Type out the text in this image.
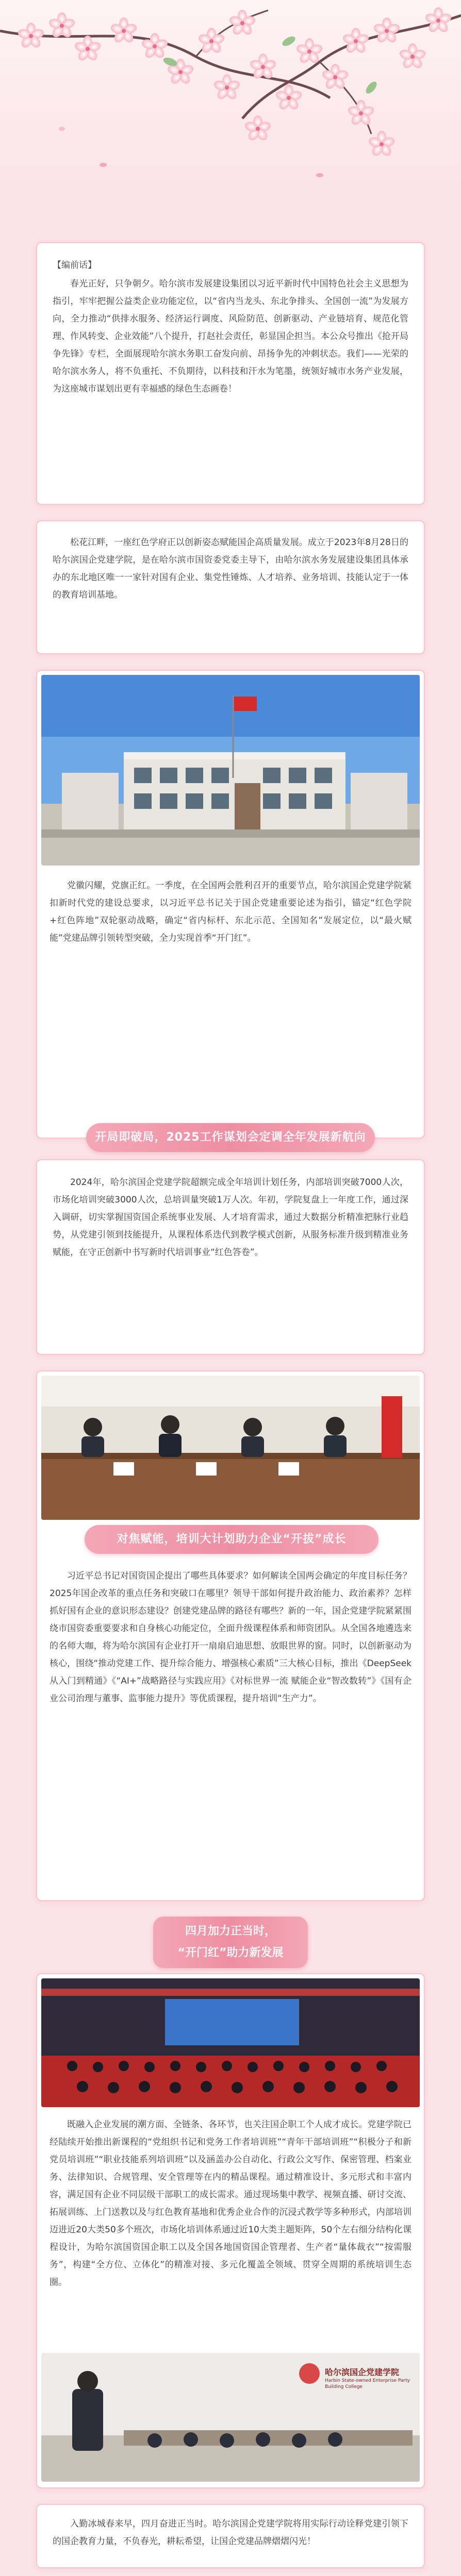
【编前话】

春光正好，只争朝夕。哈尔滨市发展建设集团以习近平新时代中国特色社会主义思想为指引，牢牢把握公益类企业功能定位，以“省内当龙头、东北争排头、全国创一流”为发展方向，全力推动“供排水服务、经济运行调度、风险防范、创新驱动、产业链培育、规范化管理、作风转变、企业效能”八个提升，打赵社会责任，彰显国企担当。本公众号推出《抢开局 争先锋》专栏，全面展现哈尔滨水务职工奋发向前、昂扬争先的冲刺状态。我们——光荣的哈尔滨水务人，将不负重托、不负期待，以科技和汗水为笔墨，统领好城市水务产业发展，为这座城市谋划出更有幸福感的绿色生态画卷！

松花江畔，一座红色学府正以创新姿态赋能国企高质量发展。成立于2023年8月28日的哈尔滨国企党建学院，是在哈尔滨市国资委党委主导下，由哈尔滨水务发展建设集团具体承办的东北地区唯一一家针对国有企业、集党性锤炼、人才培养、业务培训、技能认定于一体的教育培训基地。

党徽闪耀，党旗正红。一季度，在全国两会胜利召开的重要节点，哈尔滨国企党建学院紧扣新时代党的建设总要求，以习近平总书记关于国企党建重要论述为指引，锚定“红色学院+红色阵地”双轮驱动战略，确定“省内标杆、东北示范、全国知名”发展定位，以“最火赋能”党建品牌引领转型突破，全力实现首季“开门红”。

开局即破局，2025工作谋划会定调全年发展新航向

2024年，哈尔滨国企党建学院超额完成全年培训计划任务，内部培训突破7000人次，市场化培训突破3000人次，总培训量突破1万人次。年初，学院复盘上一年度工作，通过深入调研，切实掌握国资国企系统事业发展、人才培育需求，通过大数据分析精准把脉行业趋势，从党建引领到技能提升，从课程体系迭代到教学模式创新，从服务标准升级到精准业务赋能，在守正创新中书写新时代培训事业“红色答卷”。

对焦赋能，培训大计划助力企业“开拔”成长

习近平总书记对国资国企提出了哪些具体要求？如何解读全国两会确定的年度目标任务？2025年国企改革的重点任务和突破口在哪里？领导干部如何提升政治能力、政治素养？怎样抓好国有企业的意识形态建设？创建党建品牌的路径有哪些？新的一年，国企党建学院紧紧围绕市国资委重要要求和自身核心功能定位，全面升级课程体系和师资团队。从全国各地遴选来的名师大咖，将为哈尔滨国有企业打开一扇扇启迪思想、放眼世界的窗。同时，以创新驱动为核心，围绕“推动党建工作、提升综合能力、增强核心素质”三大核心目标，推出《DeepSeek从入门到精通》《“AI+”战略路径与实践应用》《对标世界一流 赋能企业“智改数转”》《国有企业公司治理与董事、监事能力提升》等优质课程，提升培训“生产力”。

四月加力正当时，
“开门红”助力新发展

既融入企业发展的潮方面、全链条、各环节，也关注国企职工个人成才成长。党建学院已经陆续开始推出新课程的“党组织书记和党务工作者培训班”“青年干部培训班”“积极分子和新党员培训班”“职业技能系列培训班”以及涵盖办公自动化、行政公文写作、保密管理、档案业务、法律知识、合规管理、安全管理等在内的精品课程。通过精准设计、多元形式和丰富内容，满足国有企业不同层级干部职工的成长需求。通过现场集中教学、视频直播、研讨交流、拓展训练、上门送教以及与红色教育基地和优秀企业合作的沉浸式教学等多种形式，内部培训迈进近20大类50多个班次，市场化培训体系通过近10大类主题矩阵，50个左右细分结构化课程设计，为哈尔滨国资国企职工以及全国各地国资国企管理者、生产者“量体裁衣”“按需服务”，构建“全方位、立体化”的精准对接、多元化覆盖全领域、贯穿全周期的系统培训生态圈。

哈尔滨国企党建学院
Harbin State-owned Enterprise Party Building College

入勤冰城春来早，四月奋进正当时。哈尔滨国企党建学院将用实际行动诠释党建引领下的国企教育力量，不负春光，耕耘希望，让国企党建品牌熠熠闪光！
